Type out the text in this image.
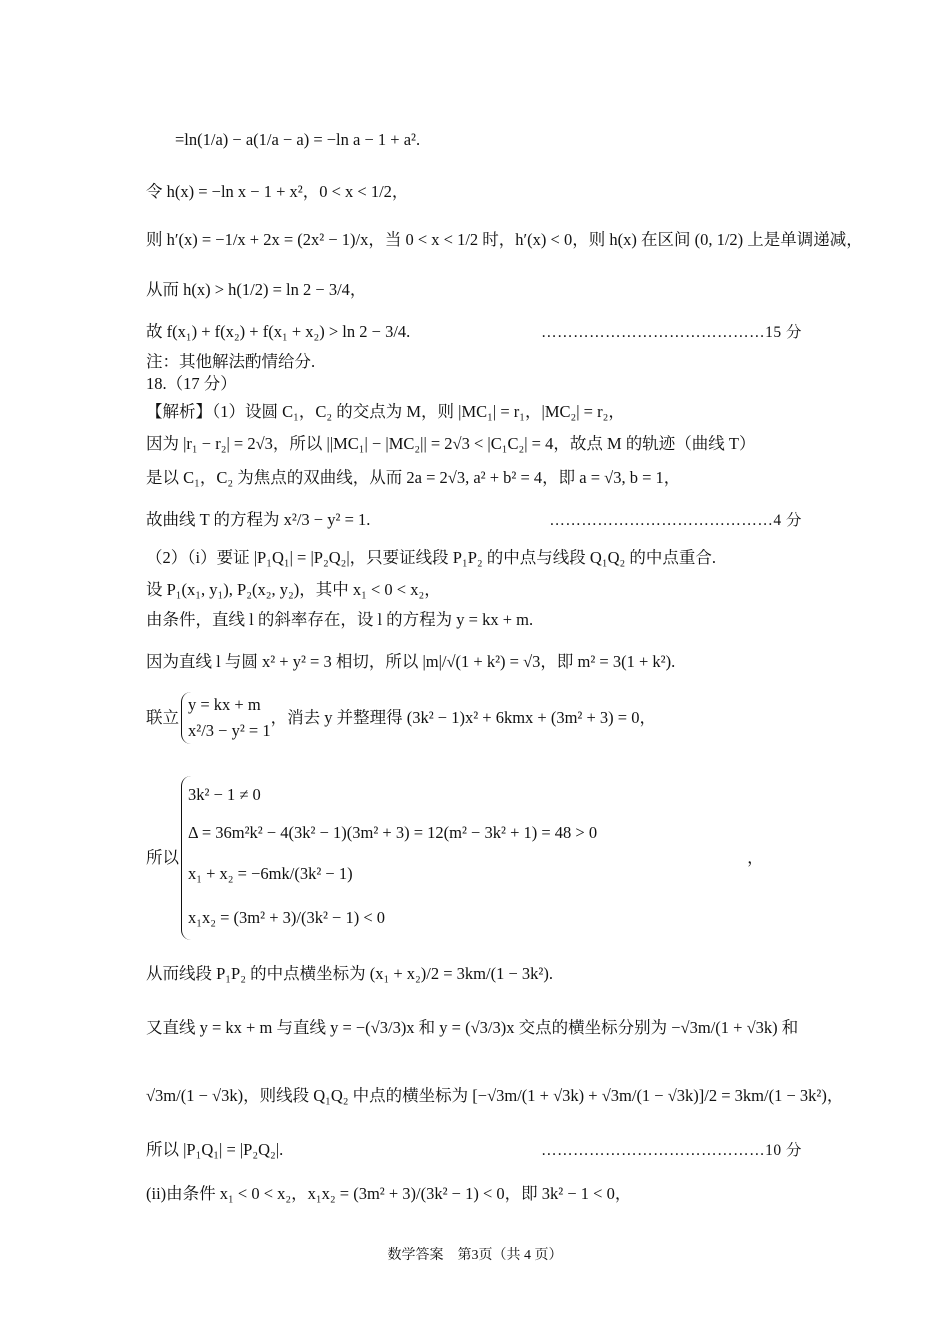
=ln(1/a) − a(1/a − a) = −ln a − 1 + a².
令 h(x) = −ln x − 1 + x²，0 < x < 1/2，
则 h′(x) = −1/x + 2x = (2x² − 1)/x，当 0 < x < 1/2 时，h′(x) < 0，则 h(x) 在区间 (0, 1/2) 上是单调递减，
从而 h(x) > h(1/2) = ln 2 − 3/4，
故 f(x₁) + f(x₂) + f(x₁ + x₂) > ln 2 − 3/4.	……………………………………15 分
注：其他解法酌情给分.
18.（17 分）
【解析】（1）设圆 C₁，C₂ 的交点为 M，则 |MC₁| = r₁，|MC₂| = r₂，
因为 |r₁ − r₂| = 2√3，所以 ||MC₁| − |MC₂|| = 2√3 < |C₁C₂| = 4，故点 M 的轨迹（曲线 T）
是以 C₁，C₂ 为焦点的双曲线，从而 2a = 2√3, a² + b² = 4，即 a = √3, b = 1，
故曲线 T 的方程为 x²/3 − y² = 1.	……………………………………4 分
（2）（i）要证 |P₁Q₁| = |P₂Q₂|，只要证线段 P₁P₂ 的中点与线段 Q₁Q₂ 的中点重合.
设 P₁(x₁, y₁), P₂(x₂, y₂)，其中 x₁ < 0 < x₂，
由条件，直线 l 的斜率存在，设 l 的方程为 y = kx + m.
因为直线 l 与圆 x² + y² = 3 相切，所以 |m|/√(1 + k²) = √3，即 m² = 3(1 + k²).
联立
y = kx + m
x²/3 − y² = 1
，消去 y 并整理得 (3k² − 1)x² + 6kmx + (3m² + 3) = 0，
所以
3k² − 1 ≠ 0
Δ = 36m²k² − 4(3k² − 1)(3m² + 3) = 12(m² − 3k² + 1) = 48 > 0
x₁ + x₂ = −6mk/(3k² − 1)
x₁x₂ = (3m² + 3)/(3k² − 1) < 0
，
从而线段 P₁P₂ 的中点横坐标为 (x₁ + x₂)/2 = 3km/(1 − 3k²).
又直线 y = kx + m 与直线 y = −(√3/3)x 和 y = (√3/3)x 交点的横坐标分别为 −√3m/(1 + √3k) 和
√3m/(1 − √3k)，则线段 Q₁Q₂ 中点的横坐标为 [−√3m/(1 + √3k) + √3m/(1 − √3k)]/2 = 3km/(1 − 3k²)，
所以 |P₁Q₁| = |P₂Q₂|.	……………………………………10 分
(ii)由条件 x₁ < 0 < x₂，x₁x₂ = (3m² + 3)/(3k² − 1) < 0，即 3k² − 1 < 0，
数学答案　第3页（共 4 页）
